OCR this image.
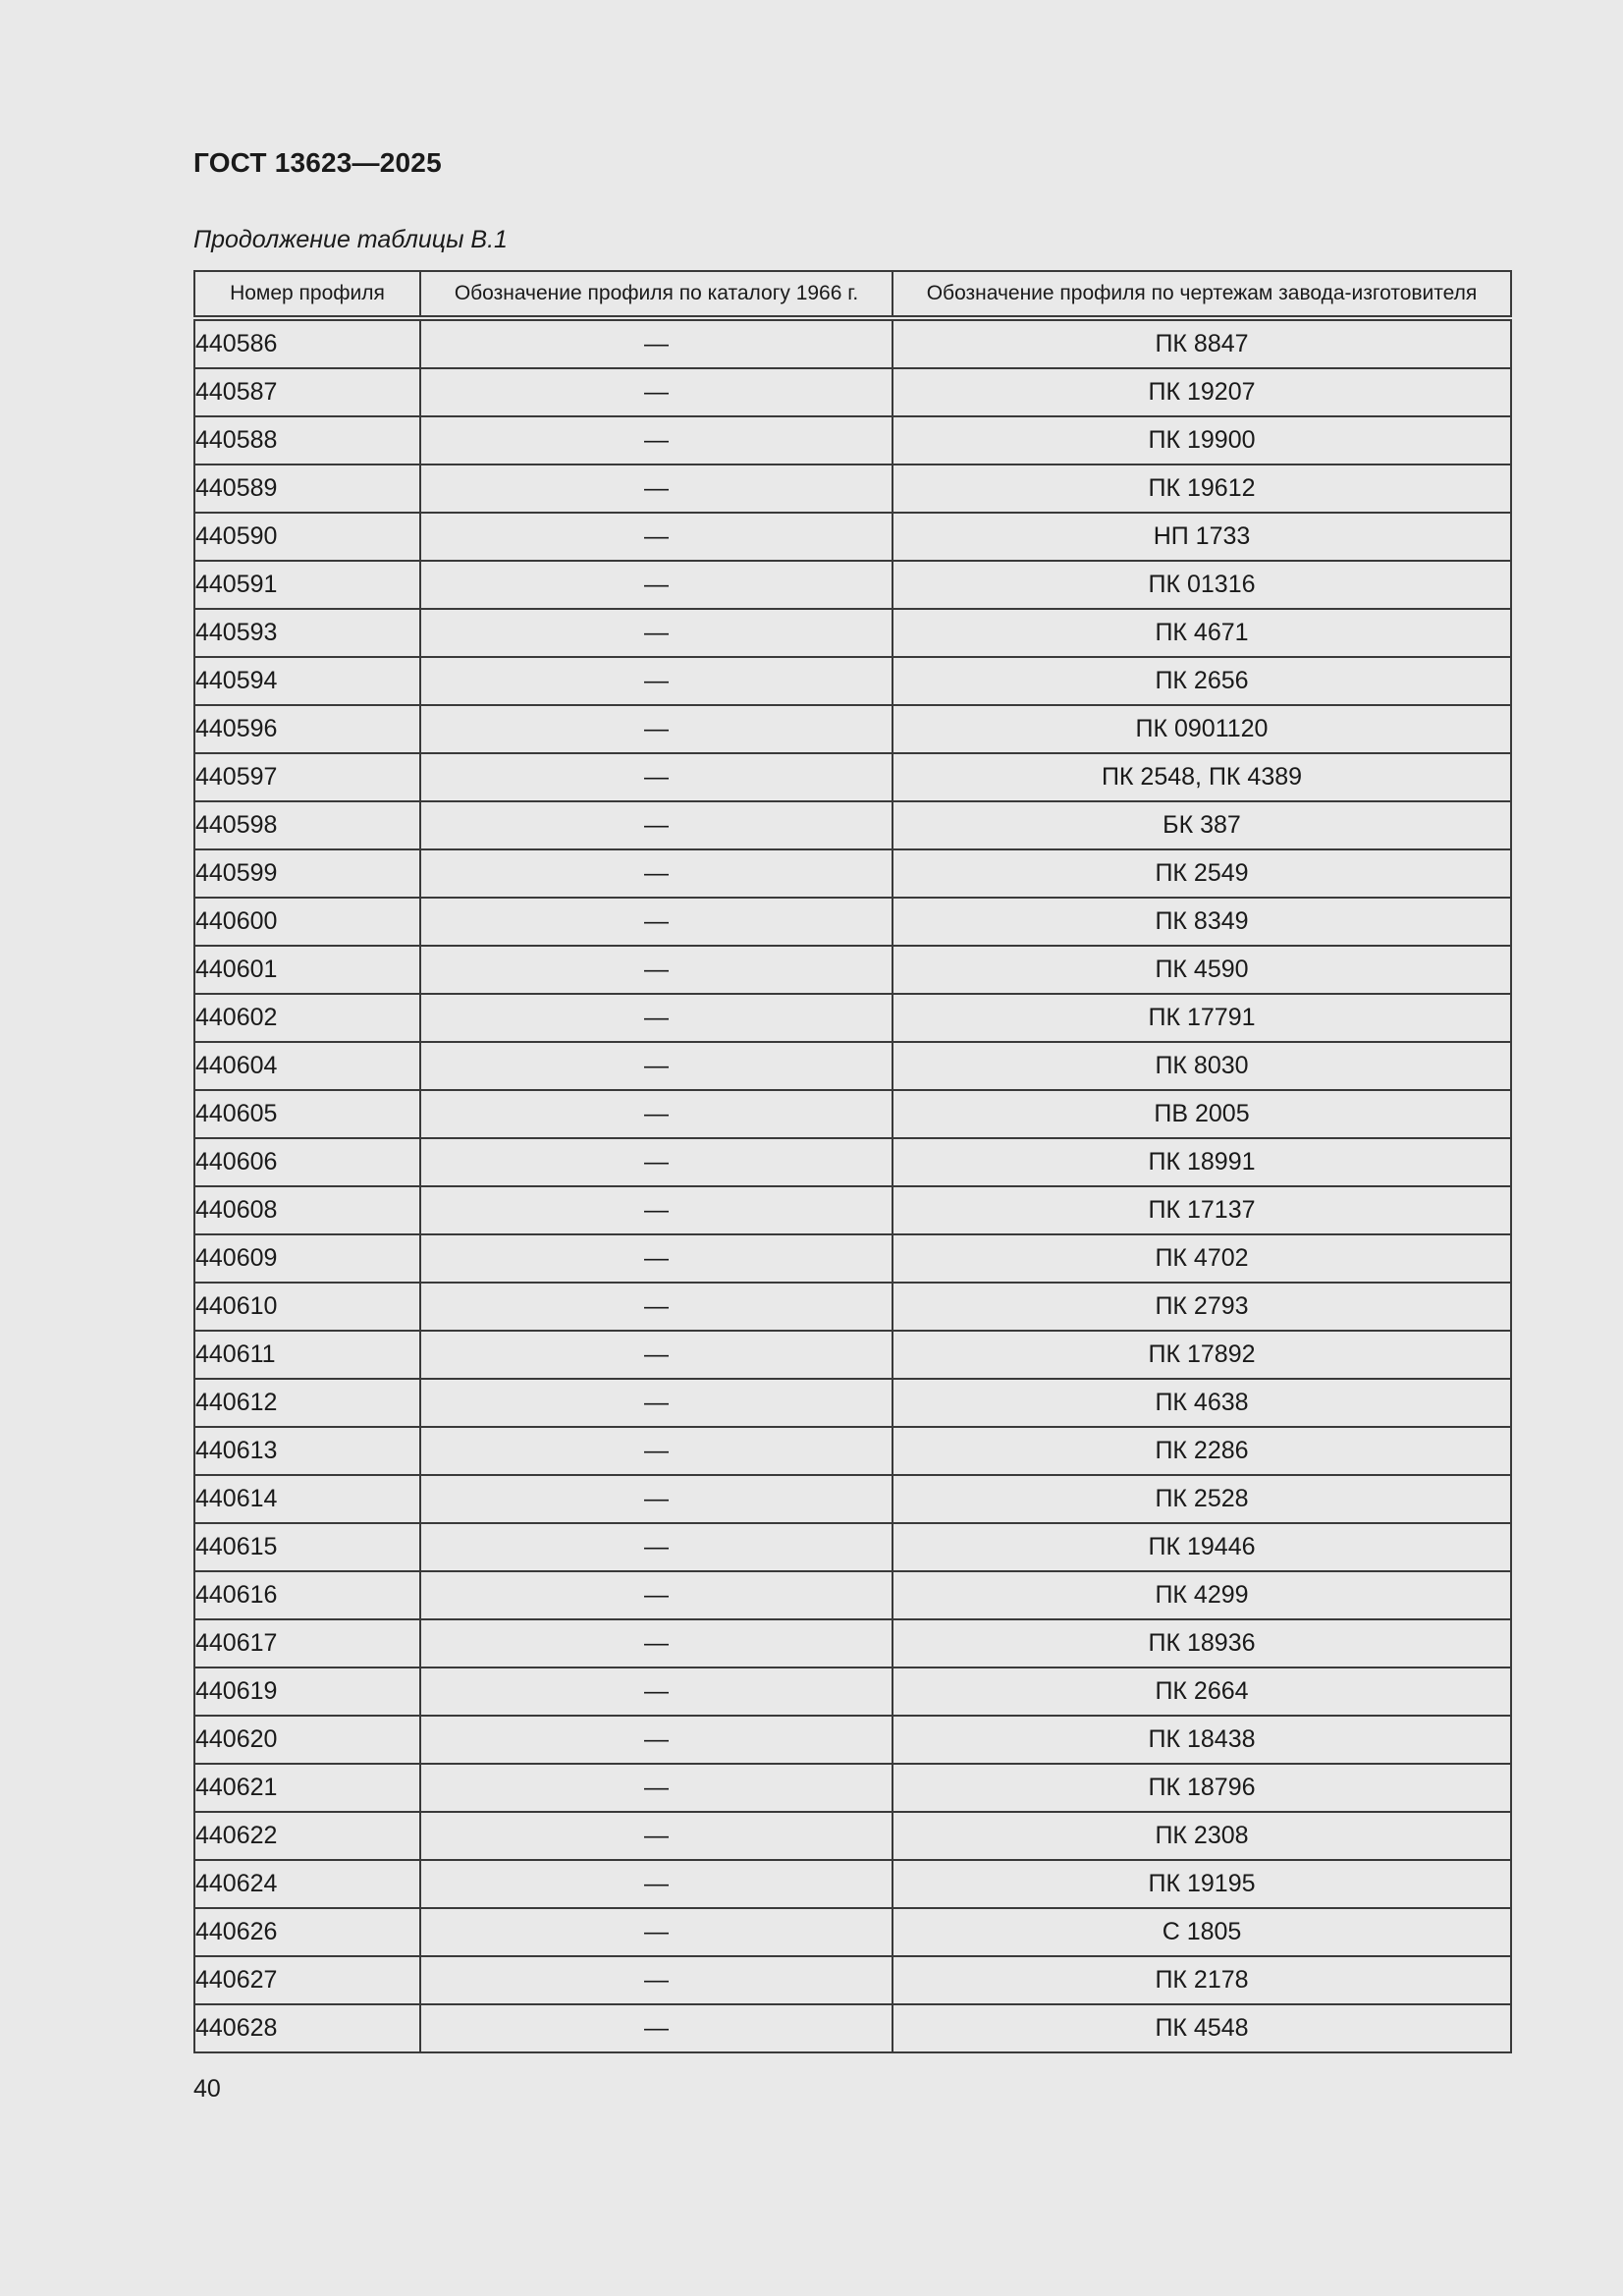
ГОСТ 13623—2025
Продолжение таблицы В.1
Номер профиля	Обозначение профиля по каталогу 1966 г.	Обозначение профиля по чертежам завода-изготовителя
440586	—	ПК 8847
440587	—	ПК 19207
440588	—	ПК 19900
440589	—	ПК 19612
440590	—	НП 1733
440591	—	ПК 01316
440593	—	ПК 4671
440594	—	ПК 2656
440596	—	ПК 0901120
440597	—	ПК 2548, ПК 4389
440598	—	БК 387
440599	—	ПК 2549
440600	—	ПК 8349
440601	—	ПК 4590
440602	—	ПК 17791
440604	—	ПК 8030
440605	—	ПВ 2005
440606	—	ПК 18991
440608	—	ПК 17137
440609	—	ПК 4702
440610	—	ПК 2793
440611	—	ПК 17892
440612	—	ПК 4638
440613	—	ПК 2286
440614	—	ПК 2528
440615	—	ПК 19446
440616	—	ПК 4299
440617	—	ПК 18936
440619	—	ПК 2664
440620	—	ПК 18438
440621	—	ПК 18796
440622	—	ПК 2308
440624	—	ПК 19195
440626	—	С 1805
440627	—	ПК 2178
440628	—	ПК 4548
40
